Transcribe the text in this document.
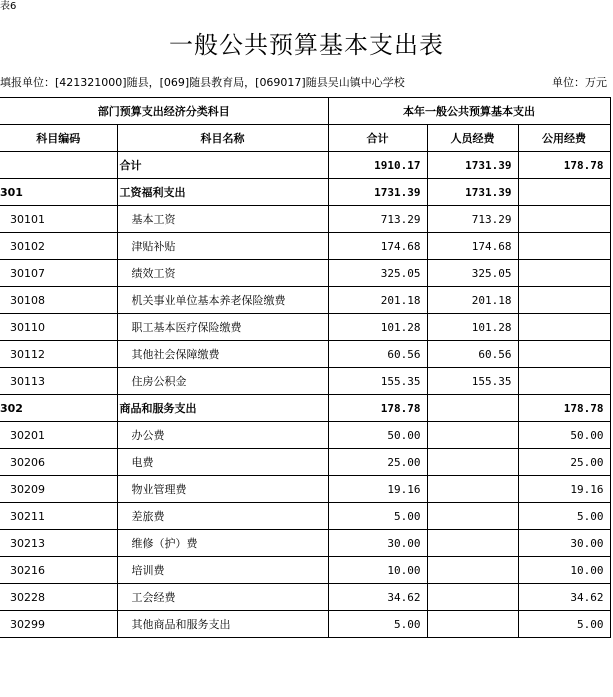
表6
一般公共预算基本支出表
填报单位：[421321000]随县，[069]随县教育局，[069017]随县吴山镇中心学校	单位：万元
部门预算支出经济分类科目		本年一般公共预算基本支出		
科目编码	科目名称	合计	人员经费	公用经费
	合计	1910.17	1731.39	178.78
301	工资福利支出	1731.39	1731.39	
30101	基本工资	713.29	713.29	
30102	津贴补贴	174.68	174.68	
30107	绩效工资	325.05	325.05	
30108	机关事业单位基本养老保险缴费	201.18	201.18	
30110	职工基本医疗保险缴费	101.28	101.28	
30112	其他社会保障缴费	60.56	60.56	
30113	住房公积金	155.35	155.35	
302	商品和服务支出	178.78		178.78
30201	办公费	50.00		50.00
30206	电费	25.00		25.00
30209	物业管理费	19.16		19.16
30211	差旅费	5.00		5.00
30213	维修（护）费	30.00		30.00
30216	培训费	10.00		10.00
30228	工会经费	34.62		34.62
30299	其他商品和服务支出	5.00		5.00
